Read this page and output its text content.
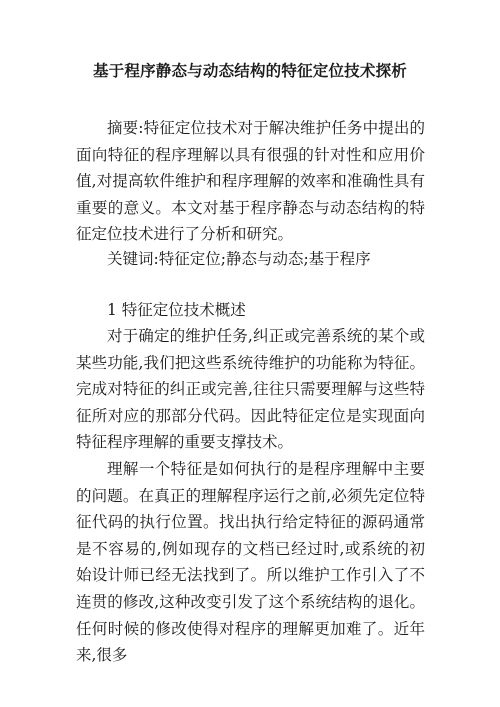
基于程序静态与动态结构的特征定位技术探析

摘要:特征定位技术对于解决维护任务中提出的面向特征的程序理解以具有很强的针对性和应用价值,对提高软件维护和程序理解的效率和准确性具有重要的意义。本文对基于程序静态与动态结构的特征定位技术进行了分析和研究。

关键词:特征定位;静态与动态;基于程序

1 特征定位技术概述

对于确定的维护任务,纠正或完善系统的某个或某些功能,我们把这些系统待维护的功能称为特征。完成对特征的纠正或完善,往往只需要理解与这些特征所对应的那部分代码。因此特征定位是实现面向特征程序理解的重要支撑技术。

理解一个特征是如何执行的是程序理解中主要的问题。在真正的理解程序运行之前,必须先定位特征代码的执行位置。找出执行给定特征的源码通常是不容易的,例如现存的文档已经过时,或系统的初始设计师已经无法找到了。所以维护工作引入了不连贯的修改,这种改变引发了这个系统结构的退化。任何时候的修改使得对程序的理解更加难了。近年来,很多
